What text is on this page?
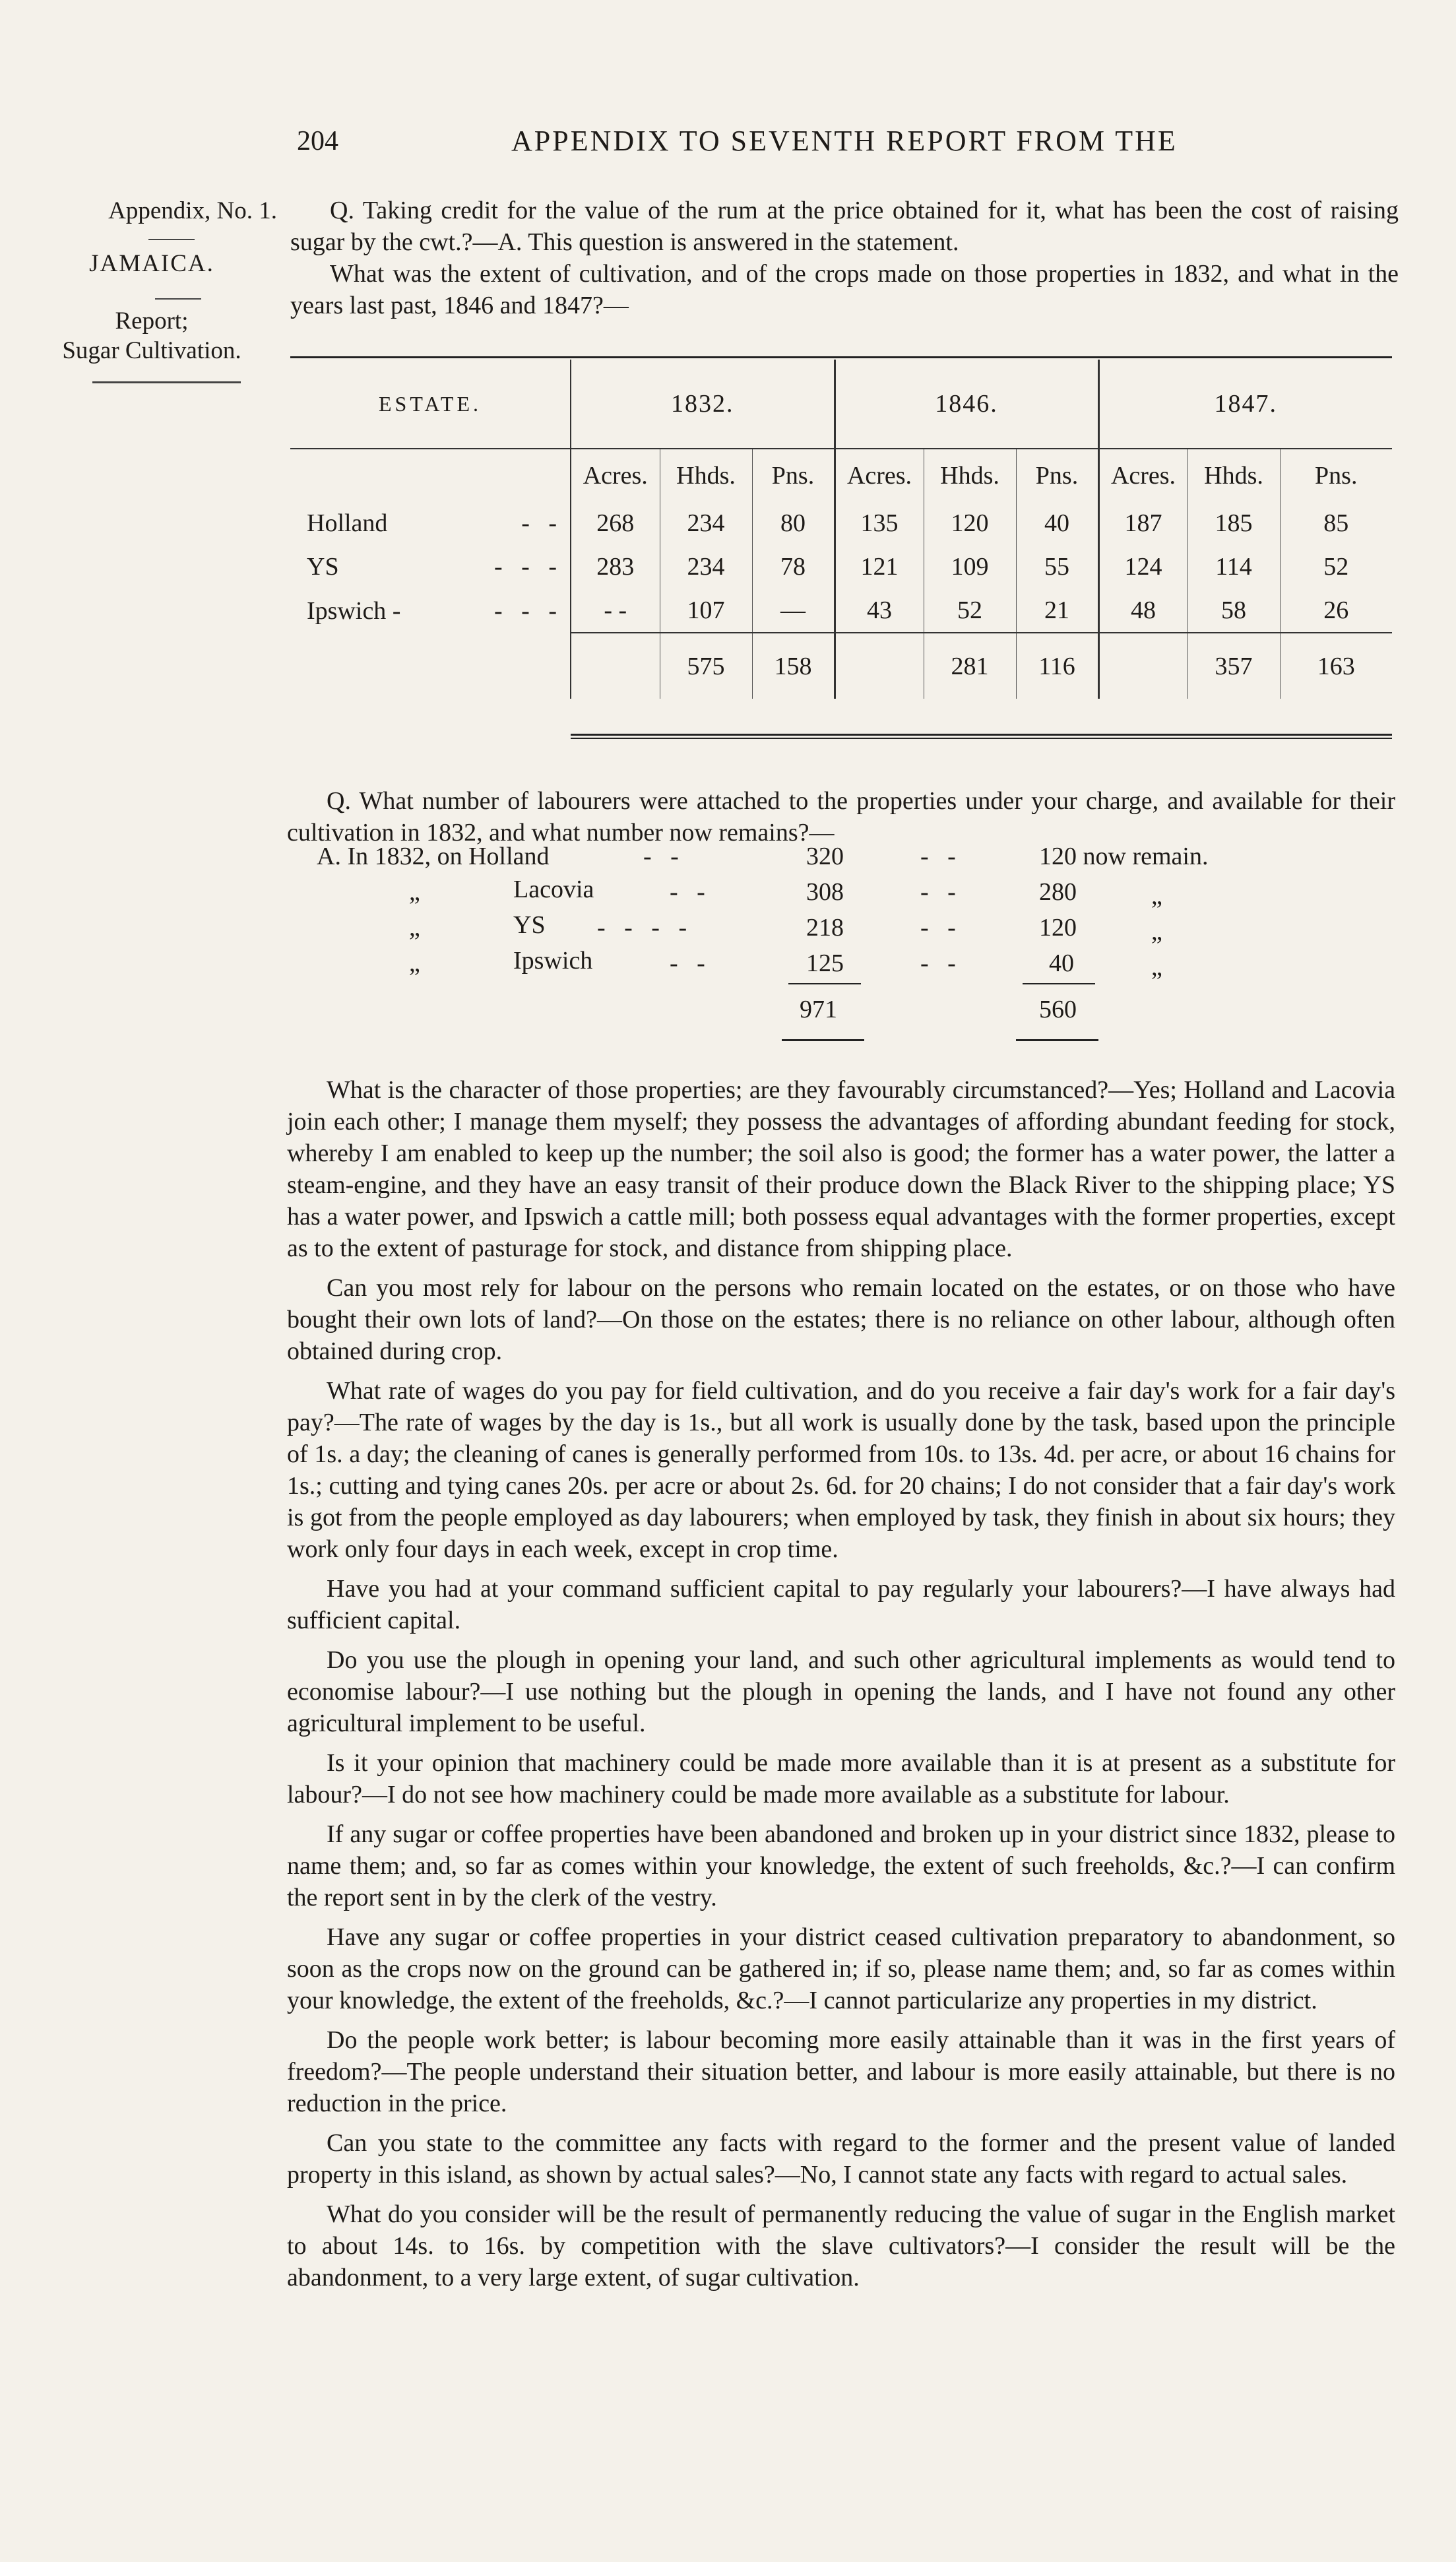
204	APPENDIX TO SEVENTH REPORT FROM THE
Appendix, No. 1.
JAMAICA.
Report;
Sugar Cultivation.
Q. Taking credit for the value of the rum at the price obtained for it, what has been the cost of raising sugar by the cwt.?—A. This question is answered in the statement.
What was the extent of cultivation, and of the crops made on those properties in 1832, and what in the years last past, 1846 and 1847?—
ESTATE.	1832.			1846.			1847.		
	Acres.	Hhds.	Pns.	Acres.	Hhds.	Pns.	Acres.	Hhds.	Pns.
Holland -   -	268	234	80	135	120	40	187	185	85
YS -   -   -	283	234	78	121	109	55	124	114	52
Ipswich - -   -   -	- -	107	—	43	52	21	48	58	26
		575	158		281	116		357	163
Q. What number of labourers were attached to the properties under your charge, and available for their cultivation in 1832, and what number now remains?—
A. In 1832, on Holland	-   -	320	-   -	120 now remain.
„	Lacovia	-   -	308	-   -	280	„
„	YS -   -   -   -	218	-   -	120	„
„	Ipswich	-   -	125	-   -	40	„
971	560

What is the character of those properties; are they favourably circumstanced?—Yes; Holland and Lacovia join each other; I manage them myself; they possess the advantages of affording abundant feeding for stock, whereby I am enabled to keep up the number; the soil also is good; the former has a water power, the latter a steam-engine, and they have an easy transit of their produce down the Black River to the shipping place; YS has a water power, and Ipswich a cattle mill; both possess equal advantages with the former properties, except as to the extent of pasturage for stock, and distance from shipping place.

Can you most rely for labour on the persons who remain located on the estates, or on those who have bought their own lots of land?—On those on the estates; there is no reliance on other labour, although often obtained during crop.

What rate of wages do you pay for field cultivation, and do you receive a fair day's work for a fair day's pay?—The rate of wages by the day is 1s., but all work is usually done by the task, based upon the principle of 1s. a day; the cleaning of canes is generally performed from 10s. to 13s. 4d. per acre, or about 16 chains for 1s.; cutting and tying canes 20s. per acre or about 2s. 6d. for 20 chains; I do not consider that a fair day's work is got from the people employed as day labourers; when employed by task, they finish in about six hours; they work only four days in each week, except in crop time.

Have you had at your command sufficient capital to pay regularly your labourers?—I have always had sufficient capital.

Do you use the plough in opening your land, and such other agricultural implements as would tend to economise labour?—I use nothing but the plough in opening the lands, and I have not found any other agricultural implement to be useful.

Is it your opinion that machinery could be made more available than it is at present as a substitute for labour?—I do not see how machinery could be made more available as a substitute for labour.

If any sugar or coffee properties have been abandoned and broken up in your district since 1832, please to name them; and, so far as comes within your knowledge, the extent of such freeholds, &c.?—I can confirm the report sent in by the clerk of the vestry.

Have any sugar or coffee properties in your district ceased cultivation preparatory to abandonment, so soon as the crops now on the ground can be gathered in; if so, please name them; and, so far as comes within your knowledge, the extent of the freeholds, &c.?—I cannot particularize any properties in my district.

Do the people work better; is labour becoming more easily attainable than it was in the first years of freedom?—The people understand their situation better, and labour is more easily attainable, but there is no reduction in the price.

Can you state to the committee any facts with regard to the former and the present value of landed property in this island, as shown by actual sales?—No, I cannot state any facts with regard to actual sales.

What do you consider will be the result of permanently reducing the value of sugar in the English market to about 14s. to 16s. by competition with the slave cultivators?—I consider the result will be the abandonment, to a very large extent, of sugar cultivation.
